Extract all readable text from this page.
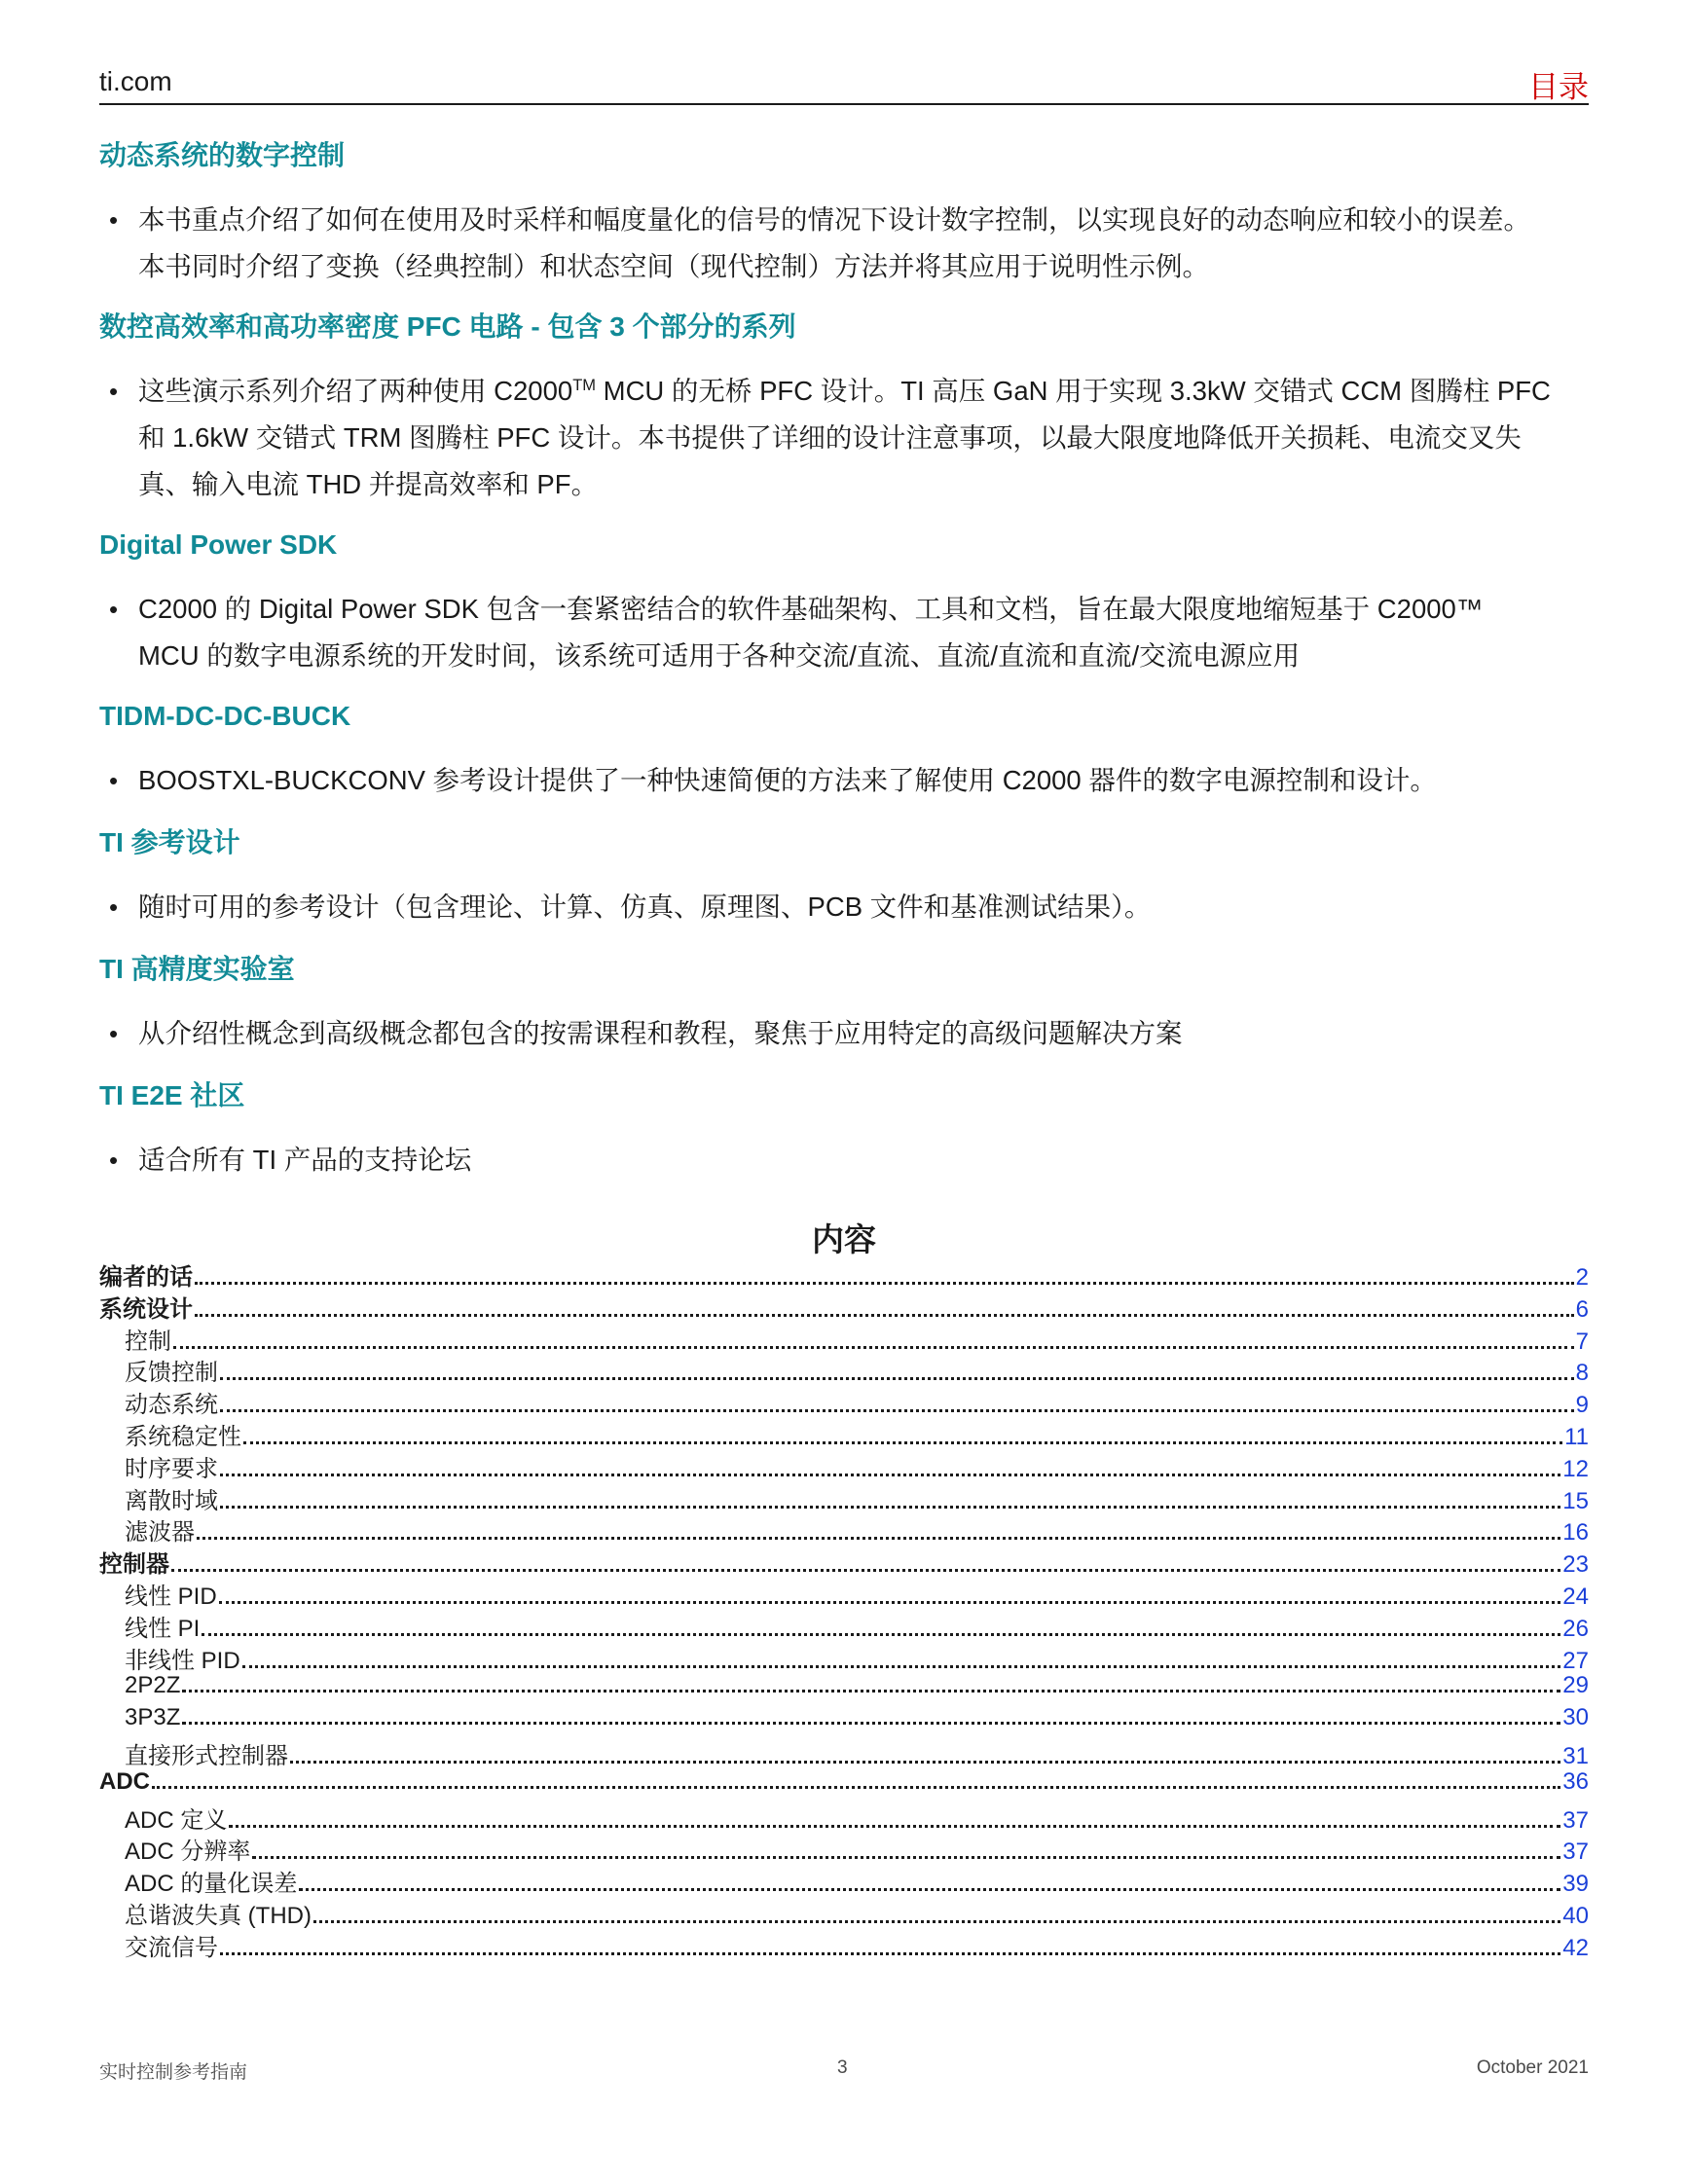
ti.com	目录
动态系统的数字控制
• 本书重点介绍了如何在使用及时采样和幅度量化的信号的情况下设计数字控制，以实现良好的动态响应和较小的误差。
本书同时介绍了变换（经典控制）和状态空间（现代控制）方法并将其应用于说明性示例。
数控高效率和高功率密度 PFC 电路 - 包含 3 个部分的系列
• 这些演示系列介绍了两种使用 C2000™ MCU 的无桥 PFC 设计。TI 高压 GaN 用于实现 3.3kW 交错式 CCM 图腾柱 PFC
和 1.6kW 交错式 TRM 图腾柱 PFC 设计。本书提供了详细的设计注意事项，以最大限度地降低开关损耗、电流交叉失
真、输入电流 THD 并提高效率和 PF。
Digital Power SDK
• C2000 的 Digital Power SDK 包含一套紧密结合的软件基础架构、工具和文档，旨在最大限度地缩短基于 C2000™
MCU 的数字电源系统的开发时间，该系统可适用于各种交流/直流、直流/直流和直流/交流电源应用
TIDM-DC-DC-BUCK
• BOOSTXL-BUCKCONV 参考设计提供了一种快速简便的方法来了解使用 C2000 器件的数字电源控制和设计。
TI 参考设计
• 随时可用的参考设计（包含理论、计算、仿真、原理图、PCB 文件和基准测试结果）。
TI 高精度实验室
• 从介绍性概念到高级概念都包含的按需课程和教程，聚焦于应用特定的高级问题解决方案
TI E2E 社区
• 适合所有 TI 产品的支持论坛
内容
编者的话	2
系统设计	6
控制	7
反馈控制	8
动态系统	9
系统稳定性	11
时序要求	12
离散时域	15
滤波器	16
控制器	23
线性 PID	24
线性 PI	26
非线性 PID	27
2P2Z	29
3P3Z	30
直接形式控制器	31
ADC	36
ADC 定义	37
ADC 分辨率	37
ADC 的量化误差	39
总谐波失真 (THD)	40
交流信号	42
实时控制参考指南	3	October 2021
